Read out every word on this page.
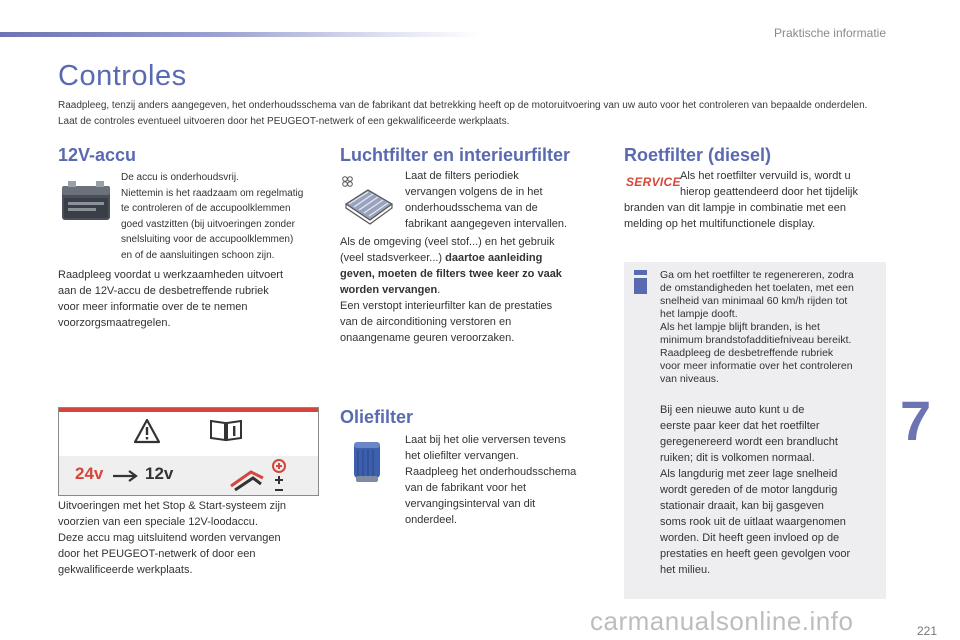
Praktische informatie
Controles
Raadpleeg, tenzij anders aangegeven, het onderhoudsschema van de fabrikant dat betrekking heeft op de motoruitvoering van uw auto voor het controleren van bepaalde onderdelen.
Laat de controles eventueel uitvoeren door het PEUGEOT-netwerk of een gekwalificeerde werkplaats.
12V-accu
De accu is onderhoudsvrij.
Niettemin is het raadzaam om regelmatig
te controleren of de accupoolklemmen
goed vastzitten (bij uitvoeringen zonder
snelsluiting voor de accupoolklemmen)
en of de aansluitingen schoon zijn.
Raadpleeg voordat u werkzaamheden uitvoert
aan de 12V-accu de desbetreffende rubriek
voor meer informatie over de te nemen
voorzorgsmaatregelen.
24v 12v
Uitvoeringen met het Stop & Start-systeem zijn
voorzien van een speciale 12V-loodaccu.
Deze accu mag uitsluitend worden vervangen
door het PEUGEOT-netwerk of door een
gekwalificeerde werkplaats.
Luchtfilter en interieurfilter
Laat de filters periodiek
vervangen volgens de in het
onderhoudsschema van de
fabrikant aangegeven intervallen.
Als de omgeving (veel stof...) en het gebruik
(veel stadsverkeer...) daartoe aanleiding
geven, moeten de filters twee keer zo vaak
worden vervangen.
Een verstopt interieurfilter kan de prestaties
van de airconditioning verstoren en
onaangename geuren veroorzaken.
Oliefilter
Laat bij het olie verversen tevens
het oliefilter vervangen.
Raadpleeg het onderhoudsschema
van de fabrikant voor het
vervangingsinterval van dit
onderdeel.
Roetfilter (diesel)
SERVICE Als het roetfilter vervuild is, wordt u
hierop geattendeerd door het tijdelijk
branden van dit lampje in combinatie met een
melding op het multifunctionele display.
Ga om het roetfilter te regenereren, zodra
de omstandigheden het toelaten, met een
snelheid van minimaal 60 km/h rijden tot
het lampje dooft.
Als het lampje blijft branden, is het
minimum brandstofadditiefniveau bereikt.
Raadpleeg de desbetreffende rubriek
voor meer informatie over het controleren
van niveaus.
Bij een nieuwe auto kunt u de
eerste paar keer dat het roetfilter
geregenereerd wordt een brandlucht
ruiken; dit is volkomen normaal.
Als langdurig met zeer lage snelheid
wordt gereden of de motor langdurig
stationair draait, kan bij gasgeven
soms rook uit de uitlaat waargenomen
worden. Dit heeft geen invloed op de
prestaties en heeft geen gevolgen voor
het milieu.
7
carmanualsonline.info	221
